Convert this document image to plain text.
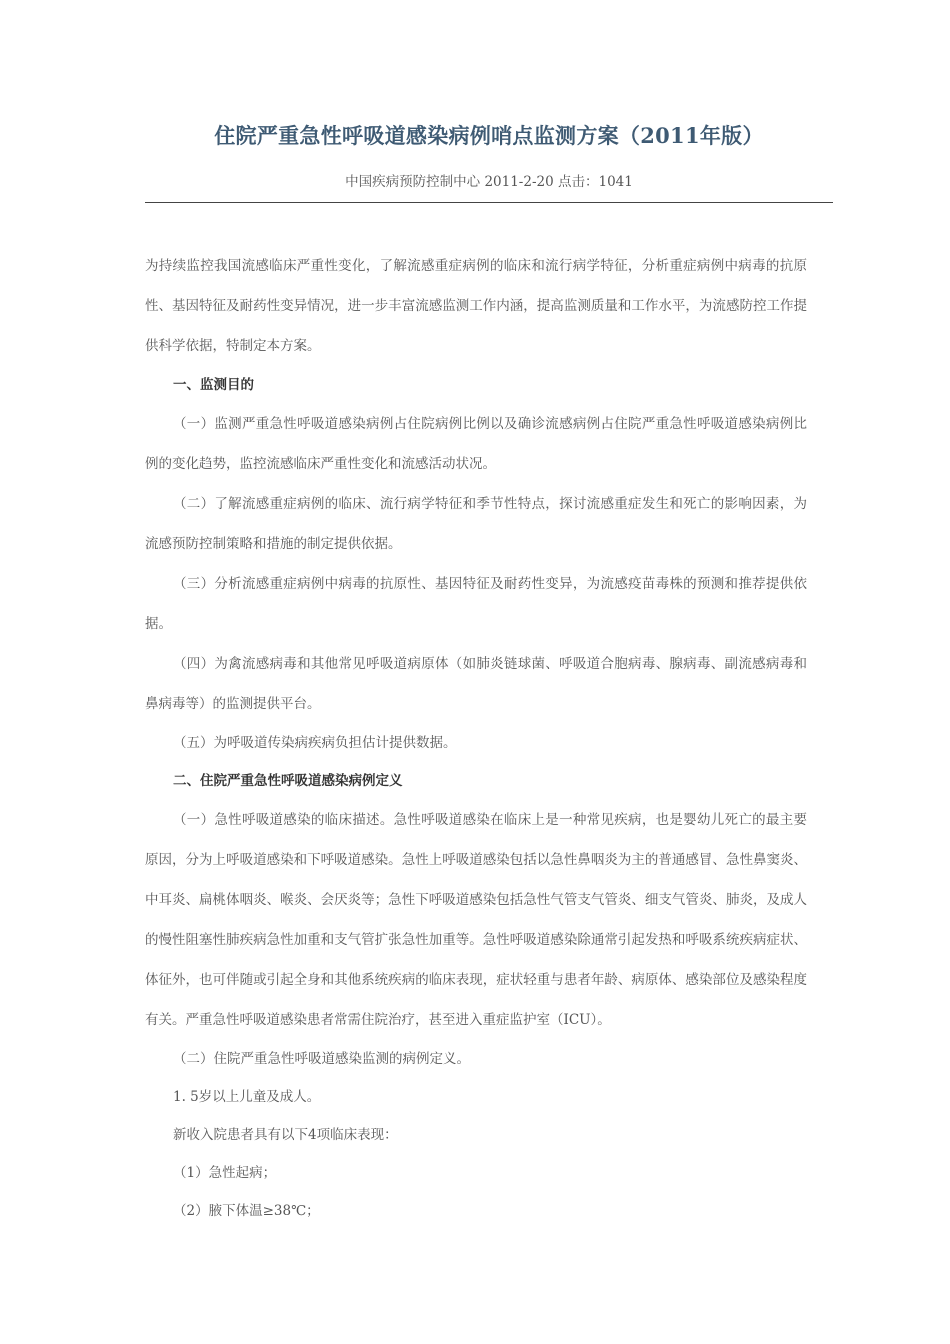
住院严重急性呼吸道感染病例哨点监测方案（2011年版）
中国疾病预防控制中心 2011-2-20 点击：1041

为持续监控我国流感临床严重性变化，了解流感重症病例的临床和流行病学特征，分析重症病例中病毒的抗原性、基因特征及耐药性变异情况，进一步丰富流感监测工作内涵，提高监测质量和工作水平，为流感防控工作提供科学依据，特制定本方案。

一、监测目的

（一）监测严重急性呼吸道感染病例占住院病例比例以及确诊流感病例占住院严重急性呼吸道感染病例比例的变化趋势，监控流感临床严重性变化和流感活动状况。

（二）了解流感重症病例的临床、流行病学特征和季节性特点，探讨流感重症发生和死亡的影响因素，为流感预防控制策略和措施的制定提供依据。

（三）分析流感重症病例中病毒的抗原性、基因特征及耐药性变异，为流感疫苗毒株的预测和推荐提供依据。

（四）为禽流感病毒和其他常见呼吸道病原体（如肺炎链球菌、呼吸道合胞病毒、腺病毒、副流感病毒和鼻病毒等）的监测提供平台。

（五）为呼吸道传染病疾病负担估计提供数据。

二、住院严重急性呼吸道感染病例定义

（一）急性呼吸道感染的临床描述。急性呼吸道感染在临床上是一种常见疾病，也是婴幼儿死亡的最主要原因，分为上呼吸道感染和下呼吸道感染。急性上呼吸道感染包括以急性鼻咽炎为主的普通感冒、急性鼻窦炎、中耳炎、扁桃体咽炎、喉炎、会厌炎等；急性下呼吸道感染包括急性气管支气管炎、细支气管炎、肺炎，及成人的慢性阻塞性肺疾病急性加重和支气管扩张急性加重等。急性呼吸道感染除通常引起发热和呼吸系统疾病症状、体征外，也可伴随或引起全身和其他系统疾病的临床表现，症状轻重与患者年龄、病原体、感染部位及感染程度有关。严重急性呼吸道感染患者常需住院治疗，甚至进入重症监护室（ICU）。

（二）住院严重急性呼吸道感染监测的病例定义。

1. 5岁以上儿童及成人。

新收入院患者具有以下4项临床表现：

（1）急性起病；

（2）腋下体温≥38℃；
